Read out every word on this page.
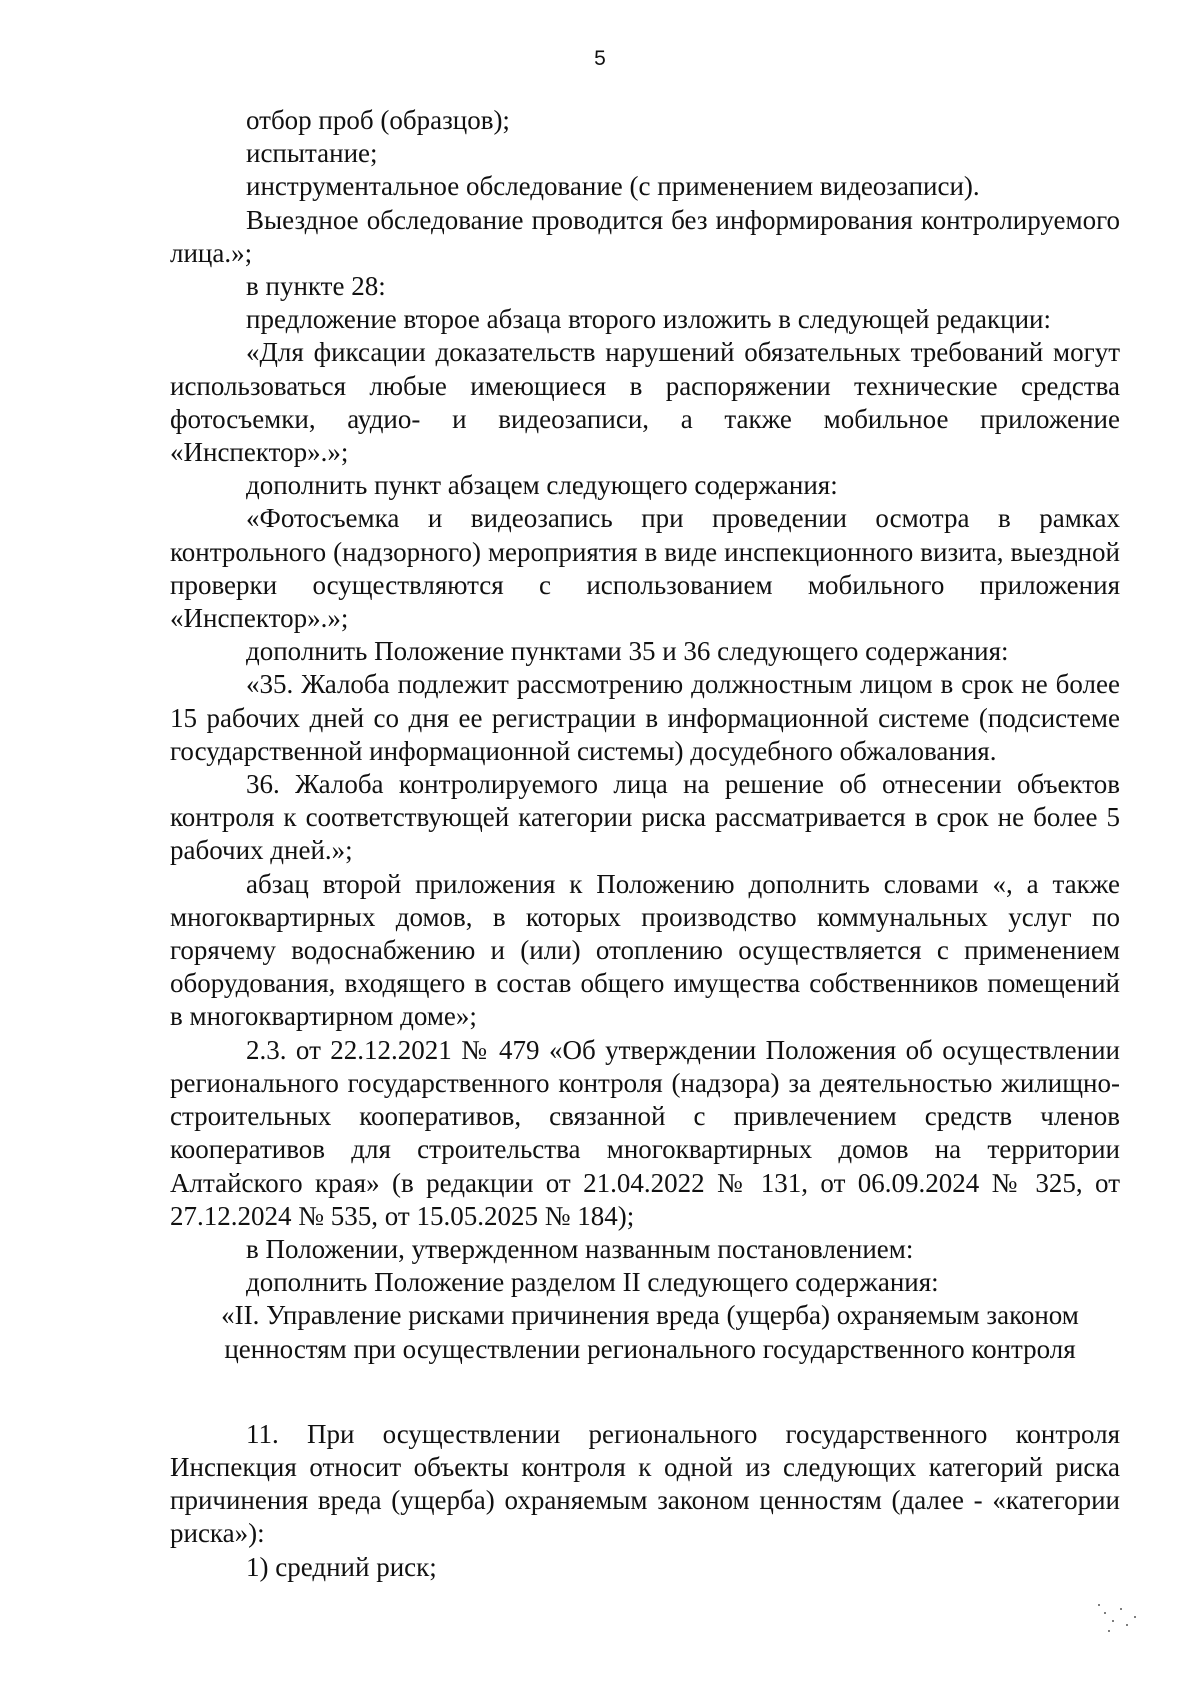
5

отбор проб (образцов);

испытание;

инструментальное обследование (с применением видеозаписи).

Выездное обследование проводится без информирования контролируемого лица.»;

в пункте 28:

предложение второе абзаца второго изложить в следующей редакции:

«Для фиксации доказательств нарушений обязательных требований могут использоваться любые имеющиеся в распоряжении технические средства фотосъемки, аудио- и видеозаписи, а также мобильное приложение «Инспектор».»;

дополнить пункт абзацем следующего содержания:

«Фотосъемка и видеозапись при проведении осмотра в рамках контрольного (надзорного) мероприятия в виде инспекционного визита, выездной проверки осуществляются с использованием мобильного приложения «Инспектор».»;

дополнить Положение пунктами 35 и 36 следующего содержания:

«35. Жалоба подлежит рассмотрению должностным лицом в срок не более 15 рабочих дней со дня ее регистрации в информационной системе (подсистеме государственной информационной системы) досудебного обжалования.

36. Жалоба контролируемого лица на решение об отнесении объектов контроля к соответствующей категории риска рассматривается в срок не более 5 рабочих дней.»;

абзац второй приложения к Положению дополнить словами «, а также многоквартирных домов, в которых производство коммунальных услуг по горячему водоснабжению и (или) отоплению осуществляется с применением оборудования, входящего в состав общего имущества собственников помещений в многоквартирном доме»;

2.3. от 22.12.2021 № 479 «Об утверждении Положения об осуществлении регионального государственного контроля (надзора) за деятельностью жилищно-строительных кооперативов, связанной с привлечением средств членов кооперативов для строительства многоквартирных домов на территории Алтайского края» (в редакции от 21.04.2022 № 131, от 06.09.2024 № 325, от 27.12.2024 № 535, от 15.05.2025 № 184);

в Положении, утвержденном названным постановлением:

дополнить Положение разделом II следующего содержания:

«II. Управление рисками причинения вреда (ущерба) охраняемым законом
ценностям при осуществлении регионального государственного контроля

11. При осуществлении регионального государственного контроля Инспекция относит объекты контроля к одной из следующих категорий риска причинения вреда (ущерба) охраняемым законом ценностям (далее - «категории риска»):

1) средний риск;
